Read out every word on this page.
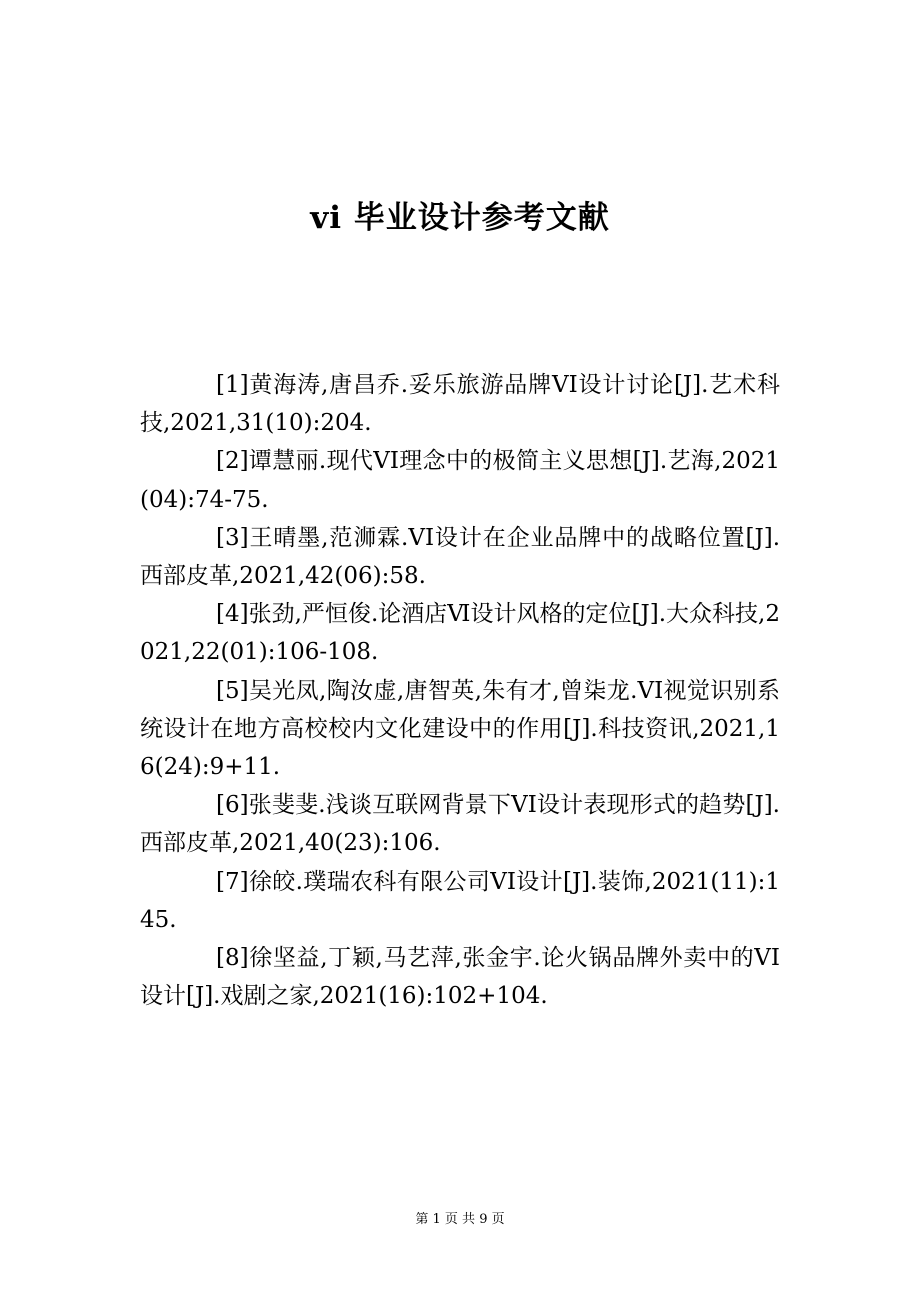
vi 毕业设计参考文献
[1]黄海涛,唐昌乔.妥乐旅游品牌VI设计讨论[J].艺术科技,2021,31(10):204.
[2]谭慧丽.现代VI理念中的极简主义思想[J].艺海,2021(04):74-75.
[3]王晴墨,范浉霖.VI设计在企业品牌中的战略位置[J].西部皮革,2021,42(06):58.
[4]张劲,严恒俊.论酒店Ⅵ设计风格的定位[J].大众科技,2021,22(01):106-108.
[5]吴光凤,陶汝虚,唐智英,朱有才,曾柒龙.VI视觉识别系统设计在地方高校校内文化建设中的作用[J].科技资讯,2021,16(24):9+11.
[6]张斐斐.浅谈互联网背景下VI设计表现形式的趋势[J].西部皮革,2021,40(23):106.
[7]徐皎.璞瑞农科有限公司VI设计[J].装饰,2021(11):145.
[8]徐坚益,丁颖,马艺萍,张金宇.论火锅品牌外卖中的VI设计[J].戏剧之家,2021(16):102+104.

第 1 页 共 9 页
